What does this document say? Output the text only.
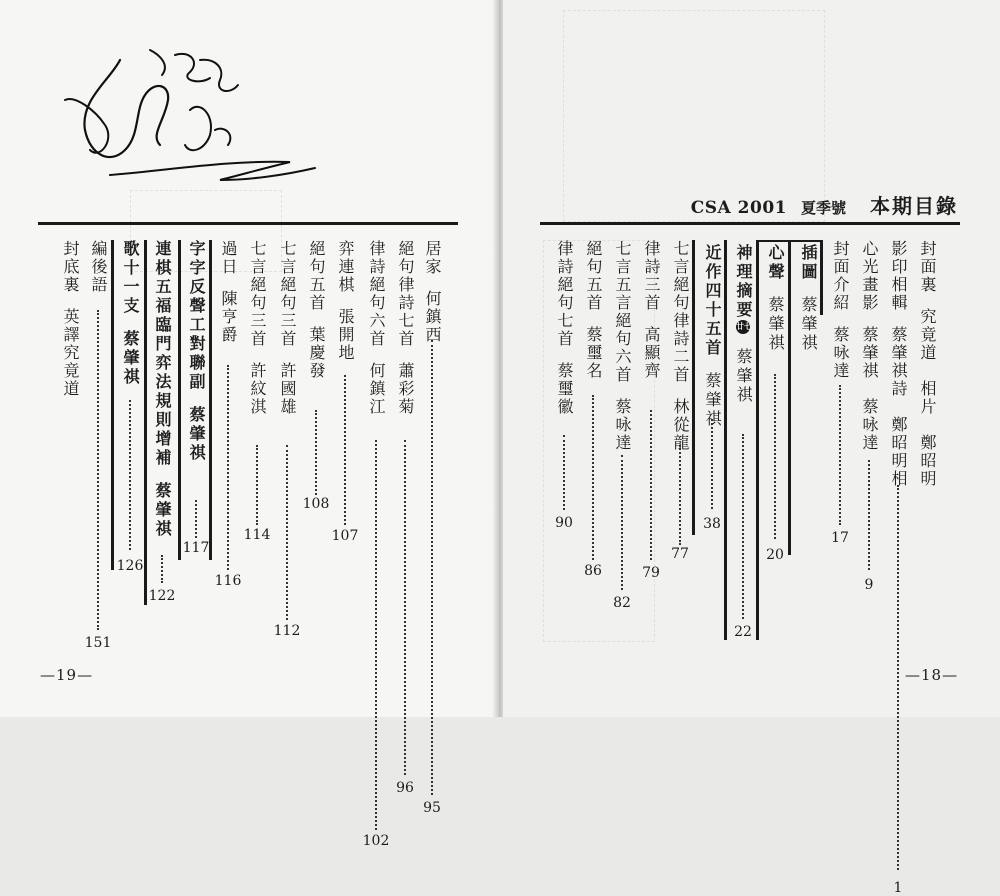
居家何鎮西
95
絕句律詩七首蕭彩菊
96
律詩絕句六首何鎮江
102
弈連棋張開地
107
絕句五首葉慶發
108
七言絕句三首許國雄
112
七言絕句三首許紋淇
114
過日陳亨爵
116
字字反聲工對聯副蔡肇祺
117
連棋五福臨門弈法規則增補蔡肇祺
122
歌十一支蔡肇祺
126
編後語
151
封底裏英譯究竟道
—19—
CSA 2001 夏季號 本期目錄
封面裏究竟道　相片　鄭昭明
影印相輯蔡肇祺詩　鄭昭明相
1
心光畫影蔡肇祺　蔡咏達
9
封面介紹蔡咏達
17
插圖蔡肇祺
心聲蔡肇祺
20
神理摘要廿七蔡肇祺
22
近作四十五首蔡肇祺
38
七言絕句律詩二首林從龍
77
律詩三首高顯齊
79
七言五言絕句六首蔡咏達
82
絕句五首蔡璽名
86
律詩絕句七首蔡璽徽
90
—18—
